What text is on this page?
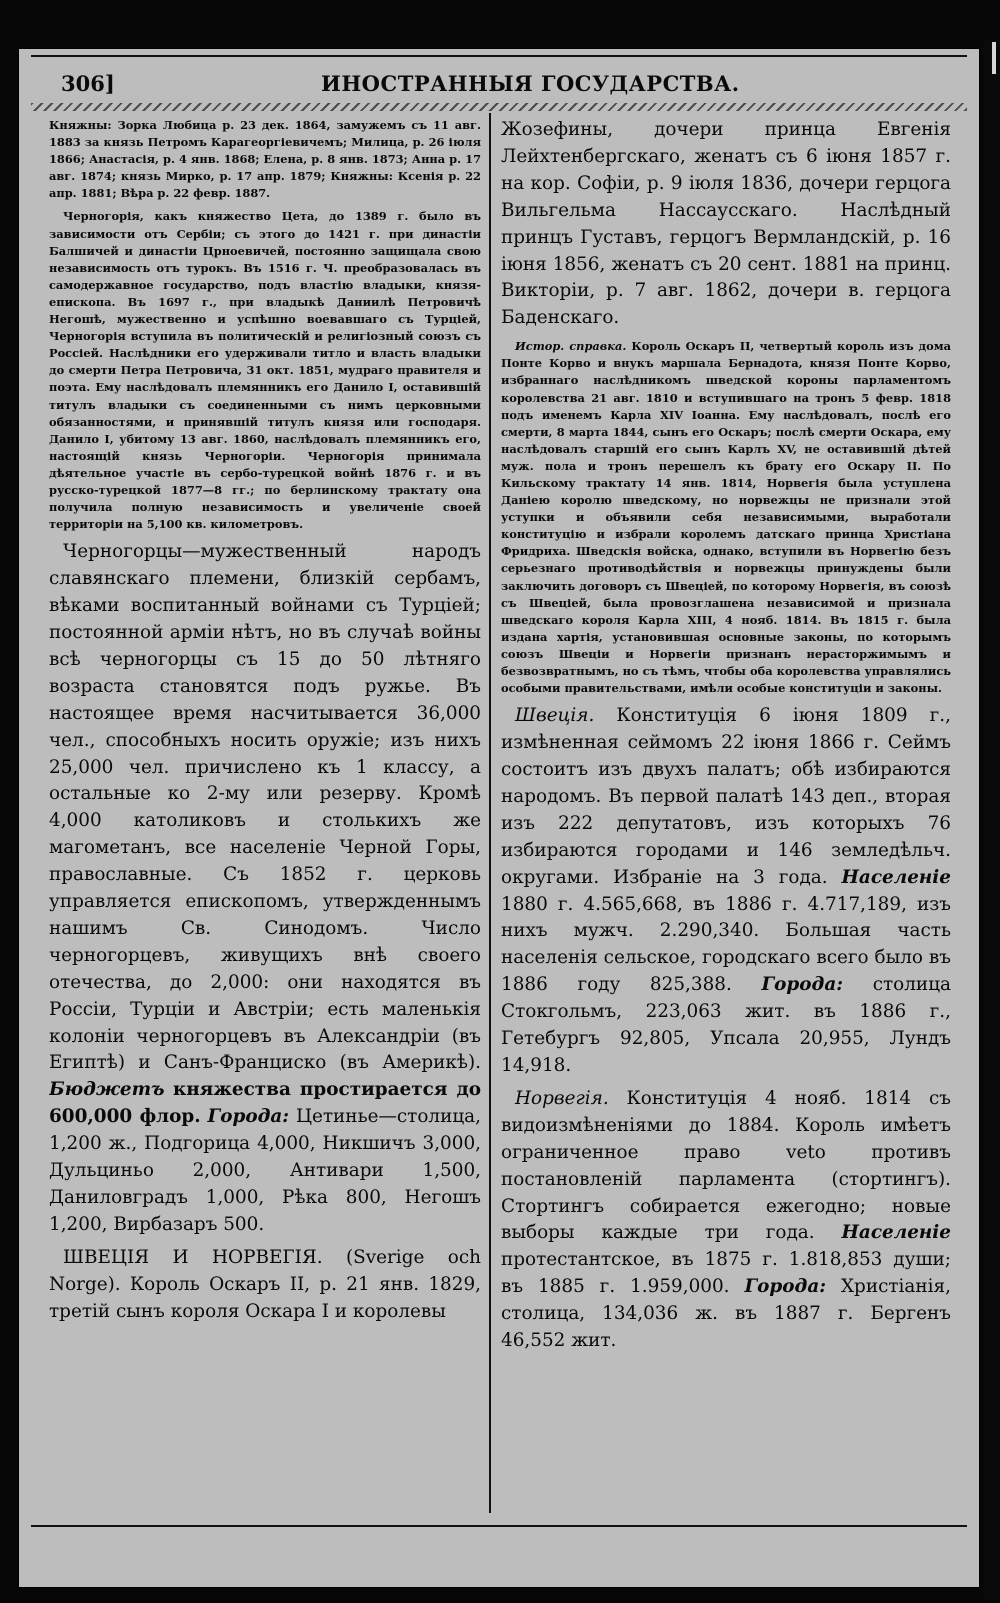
306]	ИНОСТРАННЫЯ ГОСУДАРСТВА.

Княжны: Зорка Любица р. 23 дек. 1864, замужемъ съ 11 авг. 1883 за князь Петромъ Карагеоргіевичемъ; Милица, р. 26 іюля 1866; Анастасія, р. 4 янв. 1868; Елена, р. 8 янв. 1873; Анна р. 17 авг. 1874; князь Мирко, р. 17 апр. 1879; Княжны: Ксенія р. 22 апр. 1881; Вѣра р. 22 февр. 1887.

Черногорія, какъ княжество Цета, до 1389 г. было въ зависимости отъ Сербіи; съ этого до 1421 г. при династіи Балшичей и династіи Црноевичей, постоянно защищала свою независимость отъ турокъ. Въ 1516 г. Ч. преобразовалась въ самодержавное государство, подъ властію владыки, князя-епископа. Въ 1697 г., при владыкѣ Даниилѣ Петровичѣ Негошѣ, мужественно и успѣшно воевавшаго съ Турціей, Черногорія вступила въ политическій и религіозный союзъ съ Россіей. Наслѣдники его удерживали титло и власть владыки до смерти Петра Петровича, 31 окт. 1851, мудраго правителя и поэта. Ему наслѣдовалъ племянникъ его Данило I, оставившій титулъ владыки съ соединенными съ нимъ церковными обязанностями, и принявшій титулъ князя или господаря. Данило I, убитому 13 авг. 1860, наслѣдовалъ племянникъ его, настоящій князь Черногоріи. Черногорія принимала дѣятельное участіе въ сербо-турецкой войнѣ 1876 г. и въ русско-турецкой 1877—8 гг.; по берлинскому трактату она получила полную независимость и увеличеніе своей территоріи на 5,100 кв. километровъ.

Черногорцы—мужественный народъ славянскаго племени, близкій сербамъ, вѣками воспитанный войнами съ Турціей; постоянной арміи нѣтъ, но въ случаѣ войны всѣ черногорцы съ 15 до 50 лѣтняго возраста становятся подъ ружье. Въ настоящее время насчитывается 36,000 чел., способныхъ носить оружіе; изъ нихъ 25,000 чел. причислено къ 1 классу, а остальные ко 2-му или резерву. Кромѣ 4,000 католиковъ и столькихъ же магометанъ, все населеніе Черной Горы, православные. Съ 1852 г. церковь управляется епископомъ, утвержденнымъ нашимъ Св. Синодомъ. Число черногорцевъ, живущихъ внѣ своего отечества, до 2,000: они находятся въ Россіи, Турціи и Австріи; есть маленькія колоніи черногорцевъ въ Александріи (въ Египтѣ) и Санъ-Франциско (въ Америкѣ). Бюджетъ княжества простирается до 600,000 флор. Города: Цетинье—столица, 1,200 ж., Подгорица 4,000, Никшичъ 3,000, Дульциньо 2,000, Антивари 1,500, Даниловградъ 1,000, Рѣка 800, Негошъ 1,200, Вирбазаръ 500.

ШВЕЦІЯ И НОРВЕГІЯ. (Sverige och Norge). Король Оскаръ II, р. 21 янв. 1829, третій сынъ короля Оскара I и королевы

Жозефины, дочери принца Евгенія Лейхтенбергскаго, женатъ съ 6 іюня 1857 г. на кор. Софіи, р. 9 іюля 1836, дочери герцога Вильгельма Нассаусскаго. Наслѣдный принцъ Густавъ, герцогъ Вермландскій, р. 16 іюня 1856, женатъ съ 20 сент. 1881 на принц. Викторіи, р. 7 авг. 1862, дочери в. герцога Баденскаго.

Истор. справка. Король Оскаръ II, четвертый король изъ дома Понте Корво и внукъ маршала Бернадота, князя Понте Корво, избраннаго наслѣдникомъ шведской короны парламентомъ королевства 21 авг. 1810 и вступившаго на тронъ 5 февр. 1818 подъ именемъ Карла XIV Іоанна. Ему наслѣдовалъ, послѣ его смерти, 8 марта 1844, сынъ его Оскаръ; послѣ смерти Оскара, ему наслѣдовалъ старшій его сынъ Карлъ XV, не оставившій дѣтей муж. пола и тронъ перешелъ къ брату его Оскару II. По Кильскому трактату 14 янв. 1814, Норвегія была уступлена Даніею королю шведскому, но норвежцы не признали этой уступки и объявили себя независимыми, выработали конституцію и избрали королемъ датскаго принца Христіана Фридриха. Шведскія войска, однако, вступили въ Норвегію безъ серьезнаго противодѣйствія и норвежцы принуждены были заключить договоръ съ Швеціей, по которому Норвегія, въ союзѣ съ Швеціей, была провозглашена независимой и признала шведскаго короля Карла XIII, 4 нояб. 1814. Въ 1815 г. была издана хартія, установившая основные законы, по которымъ союзъ Швеціи и Норвегіи признанъ нерасторжимымъ и безвозвратнымъ, но съ тѣмъ, чтобы оба королевства управлялись особыми правительствами, имѣли особые конституціи и законы.

Швеція. Конституція 6 іюня 1809 г., измѣненная сеймомъ 22 іюня 1866 г. Сеймъ состоитъ изъ двухъ палатъ; обѣ избираются народомъ. Въ первой палатѣ 143 деп., вторая изъ 222 депутатовъ, изъ которыхъ 76 избираются городами и 146 земледѣльч. округами. Избраніе на 3 года. Населеніе 1880 г. 4.565,668, въ 1886 г. 4.717,189, изъ нихъ мужч. 2.290,340. Большая часть населенія сельское, городскаго всего было въ 1886 году 825,388. Города: столица Стокгольмъ, 223,063 жит. въ 1886 г., Гетебургъ 92,805, Упсала 20,955, Лундъ 14,918.

Норвегія. Конституція 4 нояб. 1814 съ видоизмѣненіями до 1884. Король имѣетъ ограниченное право veto противъ постановленій парламента (стортингъ). Стортингъ собирается ежегодно; новые выборы каждые три года. Населеніе протестантское, въ 1875 г. 1.818,853 души; въ 1885 г. 1.959,000. Города: Христіанія, столица, 134,036 ж. въ 1887 г. Бергенъ 46,552 жит.
